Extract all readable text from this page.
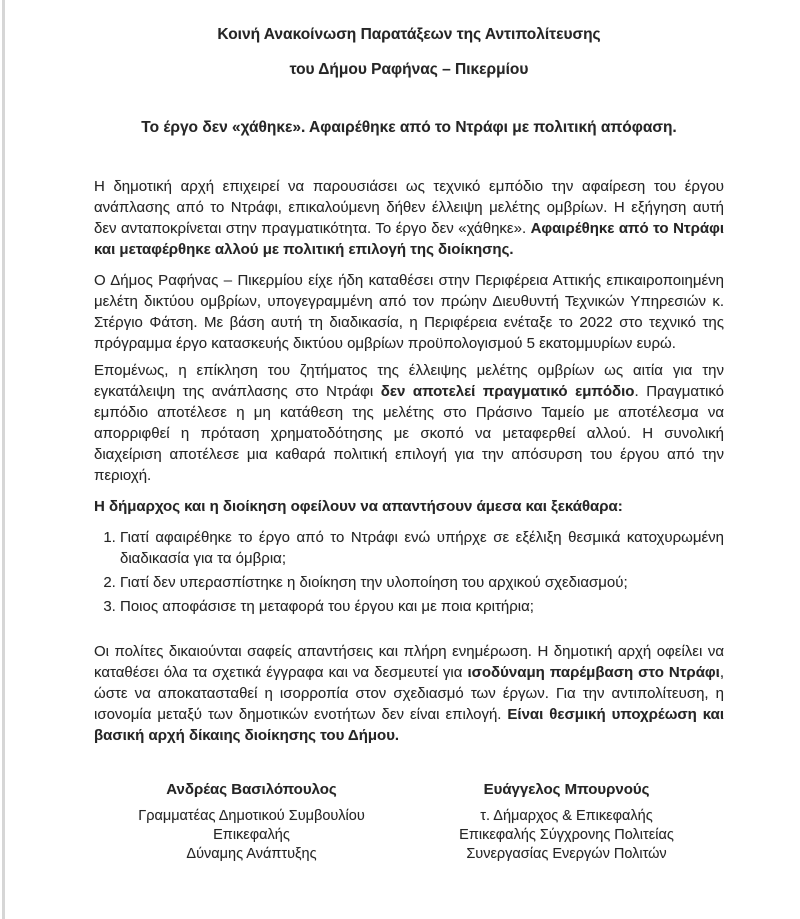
Κοινή Ανακοίνωση Παρατάξεων της Αντιπολίτευσης

του Δήμου Ραφήνας – Πικερμίου

Το έργο δεν «χάθηκε». Αφαιρέθηκε από το Ντράφι με πολιτική απόφαση.

Η δημοτική αρχή επιχειρεί να παρουσιάσει ως τεχνικό εμπόδιο την αφαίρεση του έργου ανάπλασης από το Ντράφι, επικαλούμενη δήθεν έλλειψη μελέτης ομβρίων. Η εξήγηση αυτή δεν ανταποκρίνεται στην πραγματικότητα. Το έργο δεν «χάθηκε». Αφαιρέθηκε από το Ντράφι και μεταφέρθηκε αλλού με πολιτική επιλογή της διοίκησης.

Ο Δήμος Ραφήνας – Πικερμίου είχε ήδη καταθέσει στην Περιφέρεια Αττικής επικαιροποιημένη μελέτη δικτύου ομβρίων, υπογεγραμμένη από τον πρώην Διευθυντή Τεχνικών Υπηρεσιών κ. Στέργιο Φάτση. Με βάση αυτή τη διαδικασία, η Περιφέρεια ενέταξε το 2022 στο τεχνικό της πρόγραμμα έργο κατασκευής δικτύου ομβρίων προϋπολογισμού 5 εκατομμυρίων ευρώ.

Επομένως, η επίκληση του ζητήματος της έλλειψης μελέτης ομβρίων ως αιτία για την εγκατάλειψη της ανάπλασης στο Ντράφι δεν αποτελεί πραγματικό εμπόδιο. Πραγματικό εμπόδιο αποτέλεσε η μη κατάθεση της μελέτης στο Πράσινο Ταμείο με αποτέλεσμα να απορριφθεί η πρόταση χρηματοδότησης με σκοπό να μεταφερθεί αλλού. Η συνολική διαχείριση αποτέλεσε μια καθαρά πολιτική επιλογή για την απόσυρση του έργου από την περιοχή.

Η δήμαρχος και η διοίκηση οφείλουν να απαντήσουν άμεσα και ξεκάθαρα:

1. Γιατί αφαιρέθηκε το έργο από το Ντράφι ενώ υπήρχε σε εξέλιξη θεσμικά κατοχυρωμένη διαδικασία για τα όμβρια;
2. Γιατί δεν υπερασπίστηκε η διοίκηση την υλοποίηση του αρχικού σχεδιασμού;
3. Ποιος αποφάσισε τη μεταφορά του έργου και με ποια κριτήρια;

Οι πολίτες δικαιούνται σαφείς απαντήσεις και πλήρη ενημέρωση. Η δημοτική αρχή οφείλει να καταθέσει όλα τα σχετικά έγγραφα και να δεσμευτεί για ισοδύναμη παρέμβαση στο Ντράφι, ώστε να αποκατασταθεί η ισορροπία στον σχεδιασμό των έργων. Για την αντιπολίτευση, η ισονομία μεταξύ των δημοτικών ενοτήτων δεν είναι επιλογή. Είναι θεσμική υποχρέωση και βασική αρχή δίκαιης διοίκησης του Δήμου.

Ανδρέας Βασιλόπουλος
Γραμματέας Δημοτικού Συμβουλίου
Επικεφαλής
Δύναμης Ανάπτυξης
Ευάγγελος Μπουρνούς
τ. Δήμαρχος & Επικεφαλής
Επικεφαλής Σύγχρονης Πολιτείας
Συνεργασίας Ενεργών Πολιτών
